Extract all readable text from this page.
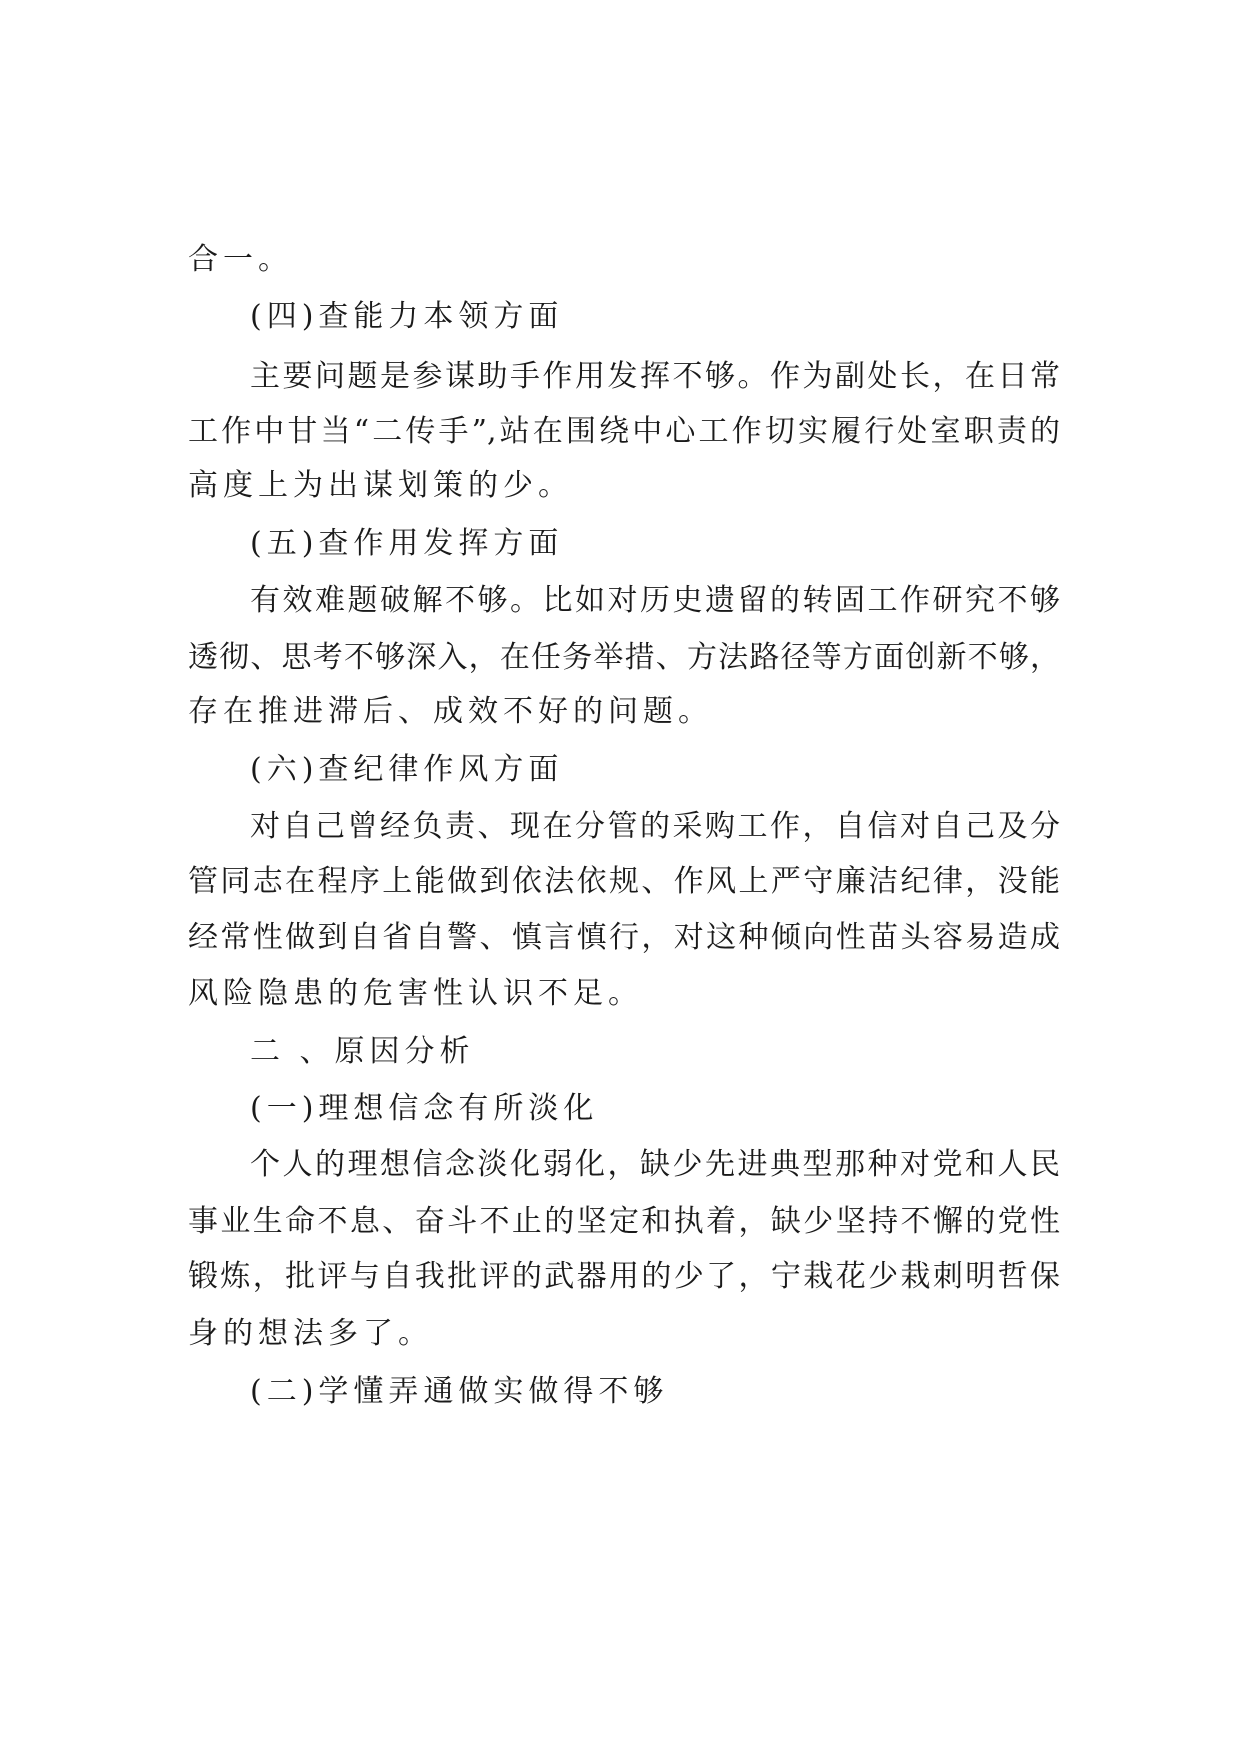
合一。
(四)查能力本领方面
主要问题是参谋助手作用发挥不够。作为副处长，在日常
工作中甘当“二传手”,站在围绕中心工作切实履行处室职责的
高度上为出谋划策的少。
(五)查作用发挥方面
有效难题破解不够。比如对历史遗留的转固工作研究不够
透彻、思考不够深入，在任务举措、方法路径等方面创新不够，
存在推进滞后、成效不好的问题。
(六)查纪律作风方面
对自己曾经负责、现在分管的采购工作，自信对自己及分
管同志在程序上能做到依法依规、作风上严守廉洁纪律，没能
经常性做到自省自警、慎言慎行，对这种倾向性苗头容易造成
风险隐患的危害性认识不足。
二 、原因分析
(一)理想信念有所淡化
个人的理想信念淡化弱化，缺少先进典型那种对党和人民
事业生命不息、奋斗不止的坚定和执着，缺少坚持不懈的党性
锻炼，批评与自我批评的武器用的少了，宁栽花少栽刺明哲保
身的想法多了。
(二)学懂弄通做实做得不够
